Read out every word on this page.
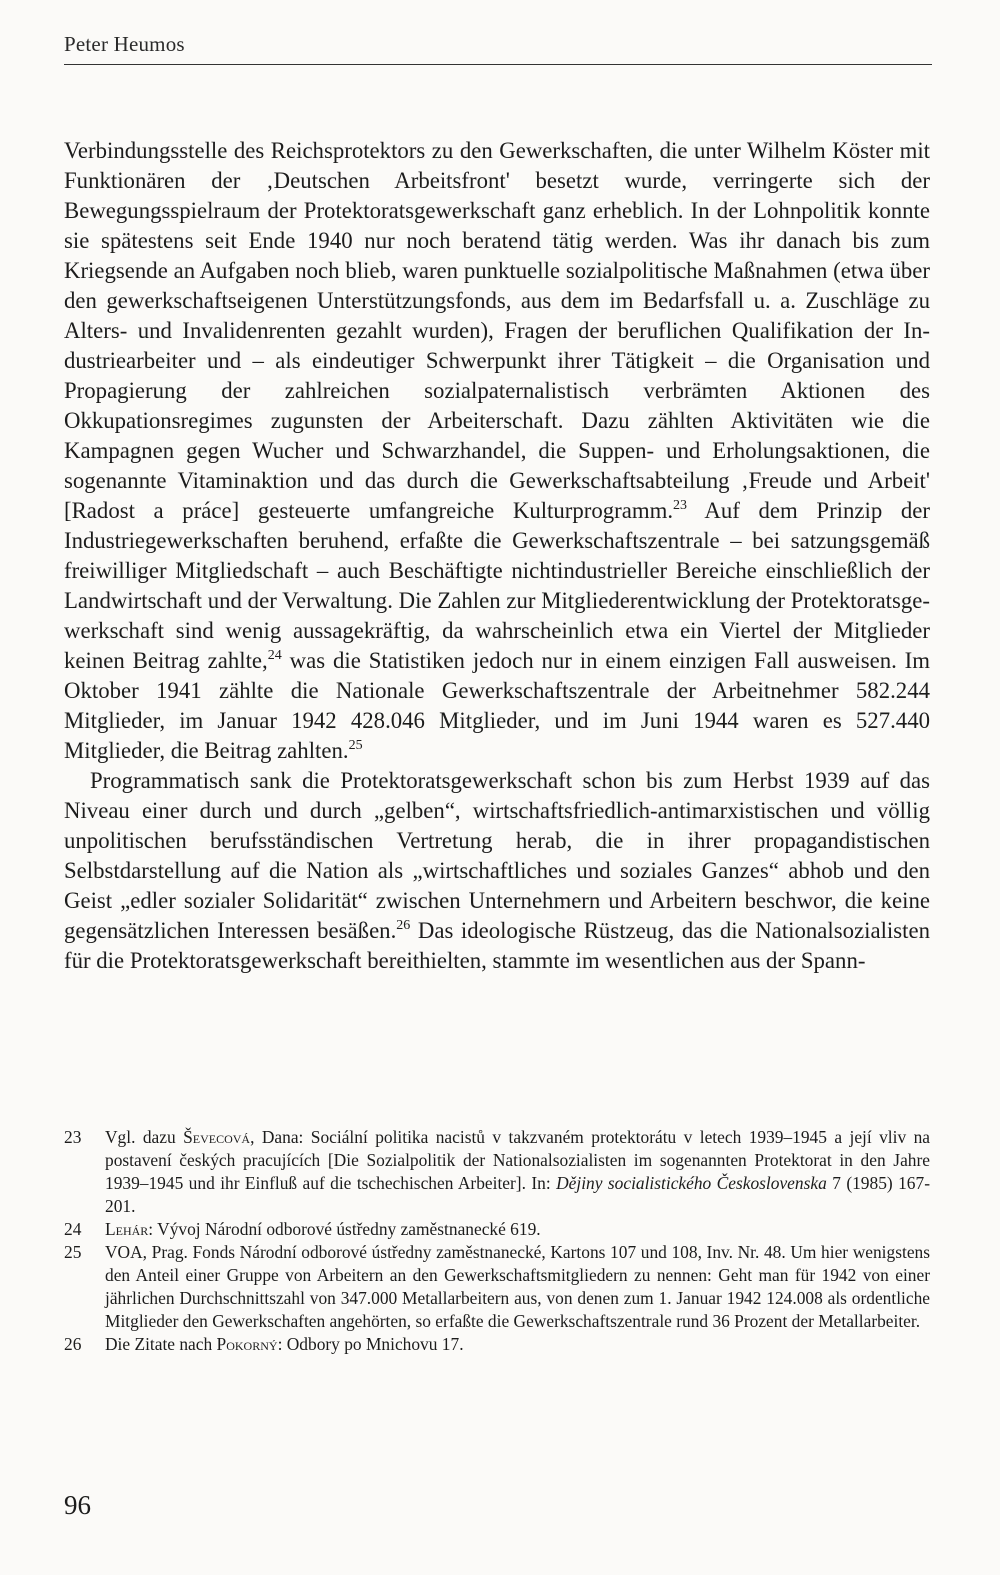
Peter Heumos

Verbindungsstelle des Reichsprotektors zu den Gewerkschaften, die unter Wilhelm Köster mit Funktionären der ‚Deutschen Arbeitsfront' besetzt wurde, verringerte sich der Bewegungsspielraum der Protektoratsgewerkschaft ganz erheblich. In der Lohnpolitik konnte sie spätestens seit Ende 1940 nur noch beratend tätig werden. Was ihr danach bis zum Kriegsende an Aufgaben noch blieb, waren punktuelle sozialpolitische Maßnahmen (etwa über den gewerkschaftseigenen Unterstützungsfonds, aus dem im Bedarfsfall u. a. Zuschläge zu Alters- und Invalidenrenten gezahlt wurden), Fragen der beruflichen Qualifikation der Industriearbeiter und – als eindeutiger Schwerpunkt ihrer Tätigkeit – die Organisation und Propagierung der zahlreichen sozialpaternalistisch verbrämten Aktionen des Okkupationsregimes zugunsten der Arbeiterschaft. Dazu zählten Aktivitäten wie die Kampagnen gegen Wucher und Schwarzhandel, die Suppen- und Erholungsaktionen, die sogenannte Vitaminaktion und das durch die Gewerkschaftsabteilung ‚Freude und Arbeit' [Radost a práce] gesteuerte umfangreiche Kulturprogramm.$^{23}$ Auf dem Prinzip der Industriegewerkschaften beruhend, erfaßte die Gewerkschaftszentrale – bei satzungsgemäß freiwilliger Mitgliedschaft – auch Beschäftigte nichtindustrieller Bereiche einschließlich der Landwirtschaft und der Verwaltung. Die Zahlen zur Mitgliederentwicklung der Protektoratsgewerkschaft sind wenig aussagekräftig, da wahrscheinlich etwa ein Viertel der Mitglieder keinen Beitrag zahlte,$^{24}$ was die Statistiken jedoch nur in einem einzigen Fall ausweisen. Im Oktober 1941 zählte die Nationale Gewerkschaftszentrale der Arbeitnehmer 582.244 Mitglieder, im Januar 1942 428.046 Mitglieder, und im Juni 1944 waren es 527.440 Mitglieder, die Beitrag zahlten.$^{25}$

Programmatisch sank die Protektoratsgewerkschaft schon bis zum Herbst 1939 auf das Niveau einer durch und durch „gelben“, wirtschaftsfriedlich-antimarxistischen und völlig unpolitischen berufsständischen Vertretung herab, die in ihrer propagandistischen Selbstdarstellung auf die Nation als „wirtschaftliches und soziales Ganzes“ abhob und den Geist „edler sozialer Solidarität“ zwischen Unternehmern und Arbeitern beschwor, die keine gegensätzlichen Interessen besäßen.$^{26}$ Das ideologische Rüstzeug, das die Nationalsozialisten für die Protektoratsgewerkschaft bereithielten, stammte im wesentlichen aus der Spann-

23	Vgl. dazu Ševecová, Dana: Sociální politika nacistů v takzvaném protektorátu v letech 1939–1945 a její vliv na postavení českých pracujících [Die Sozialpolitik der Nationalsozialisten im sogenannten Protektorat in den Jahre 1939–1945 und ihr Einfluß auf die tschechischen Arbeiter]. In: Dějiny socialistického Československa 7 (1985) 167-201.
24	Lehár: Vývoj Národní odborové ústředny zaměstnanecké 619.
25	VOA, Prag. Fonds Národní odborové ústředny zaměstnanecké, Kartons 107 und 108, Inv. Nr. 48. Um hier wenigstens den Anteil einer Gruppe von Arbeitern an den Gewerkschaftsmitgliedern zu nennen: Geht man für 1942 von einer jährlichen Durchschnittszahl von 347.000 Metallarbeitern aus, von denen zum 1. Januar 1942 124.008 als ordentliche Mitglieder den Gewerkschaften angehörten, so erfaßte die Gewerkschaftszentrale rund 36 Prozent der Metallarbeiter.
26	Die Zitate nach Pokorný: Odbory po Mnichovu 17.
96
